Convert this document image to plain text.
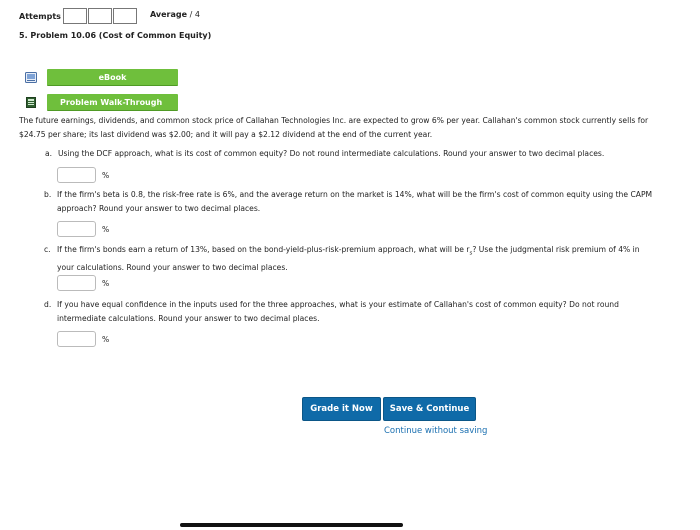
Attempts	Average / 4
5. Problem 10.06 (Cost of Common Equity)
eBook
Problem Walk-Through
The future earnings, dividends, and common stock price of Callahan Technologies Inc. are expected to grow 6% per year. Callahan's common stock currently sells for
$24.75 per share; its last dividend was $2.00; and it will pay a $2.12 dividend at the end of the current year.
a. Using the DCF approach, what is its cost of common equity? Do not round intermediate calculations. Round your answer to two decimal places.
%
b. If the firm's beta is 0.8, the risk-free rate is 6%, and the average return on the market is 14%, what will be the firm's cost of common equity using the CAPM
approach? Round your answer to two decimal places.
%
c. If the firm's bonds earn a return of 13%, based on the bond-yield-plus-risk-premium approach, what will be $r_s$? Use the judgmental risk premium of 4% in
your calculations. Round your answer to two decimal places.
%
d. If you have equal confidence in the inputs used for the three approaches, what is your estimate of Callahan's cost of common equity? Do not round
intermediate calculations. Round your answer to two decimal places.
%
Grade it Now	Save & Continue
Continue without saving
